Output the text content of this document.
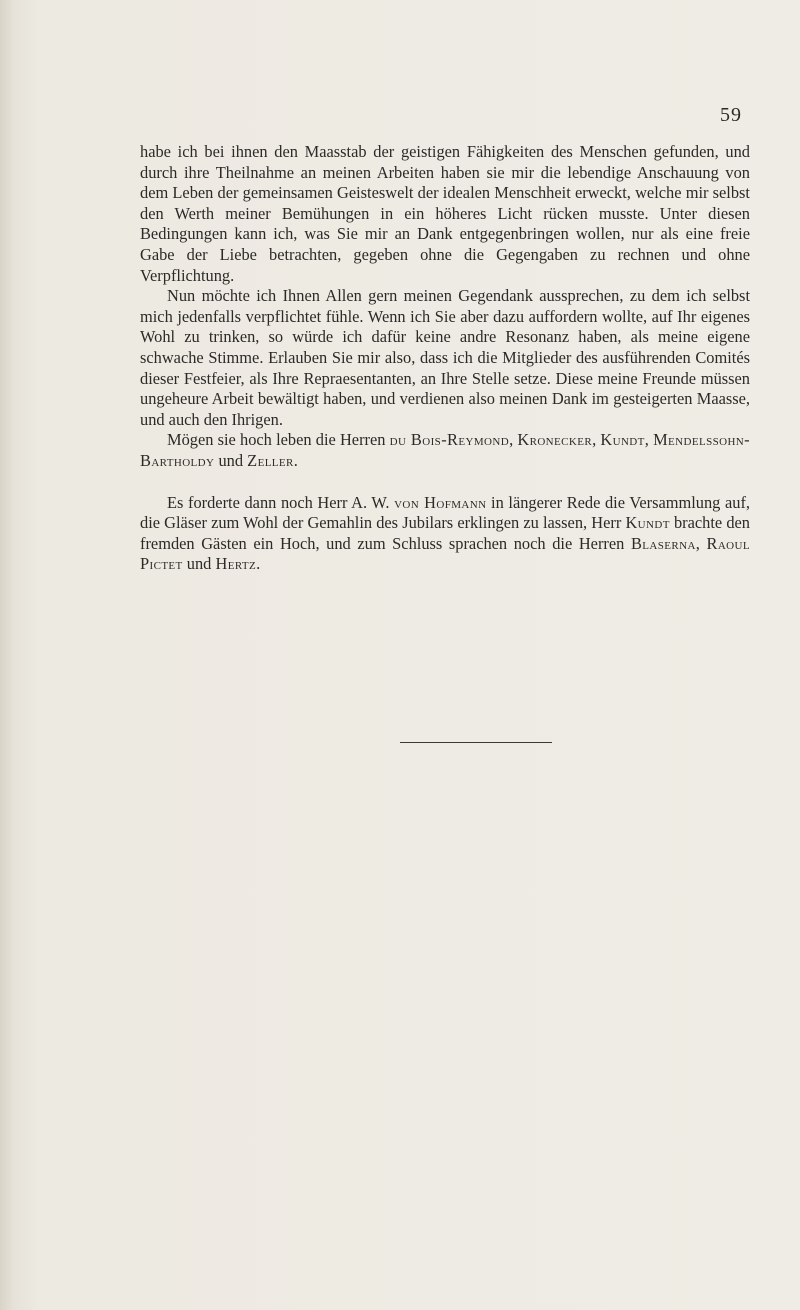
59

habe ich bei ihnen den Maasstab der geistigen Fähigkeiten des Menschen gefunden, und durch ihre Theilnahme an meinen Arbeiten haben sie mir die lebendige Anschauung von dem Leben der gemeinsamen Geisteswelt der idealen Menschheit erweckt, welche mir selbst den Werth meiner Bemühungen in ein höheres Licht rücken musste. Unter diesen Bedingungen kann ich, was Sie mir an Dank entgegenbringen wollen, nur als eine freie Gabe der Liebe betrachten, gegeben ohne die Gegengaben zu rechnen und ohne Verpflichtung.

Nun möchte ich Ihnen Allen gern meinen Gegendank aussprechen, zu dem ich selbst mich jedenfalls verpflichtet fühle. Wenn ich Sie aber dazu auffordern wollte, auf Ihr eigenes Wohl zu trinken, so würde ich dafür keine andre Resonanz haben, als meine eigene schwache Stimme. Erlauben Sie mir also, dass ich die Mitglieder des ausführenden Comités dieser Festfeier, als Ihre Repraesentanten, an Ihre Stelle setze. Diese meine Freunde müssen ungeheure Arbeit bewältigt haben, und verdienen also meinen Dank im gesteigerten Maasse, und auch den Ihrigen.

Mögen sie hoch leben die Herren du Bois-Reymond, Kronecker, Kundt, Mendelssohn-Bartholdy und Zeller.

Es forderte dann noch Herr A. W. von Hofmann in längerer Rede die Versammlung auf, die Gläser zum Wohl der Gemahlin des Jubilars erklingen zu lassen, Herr Kundt brachte den fremden Gästen ein Hoch, und zum Schluss sprachen noch die Herren Blaserna, Raoul Pictet und Hertz.
